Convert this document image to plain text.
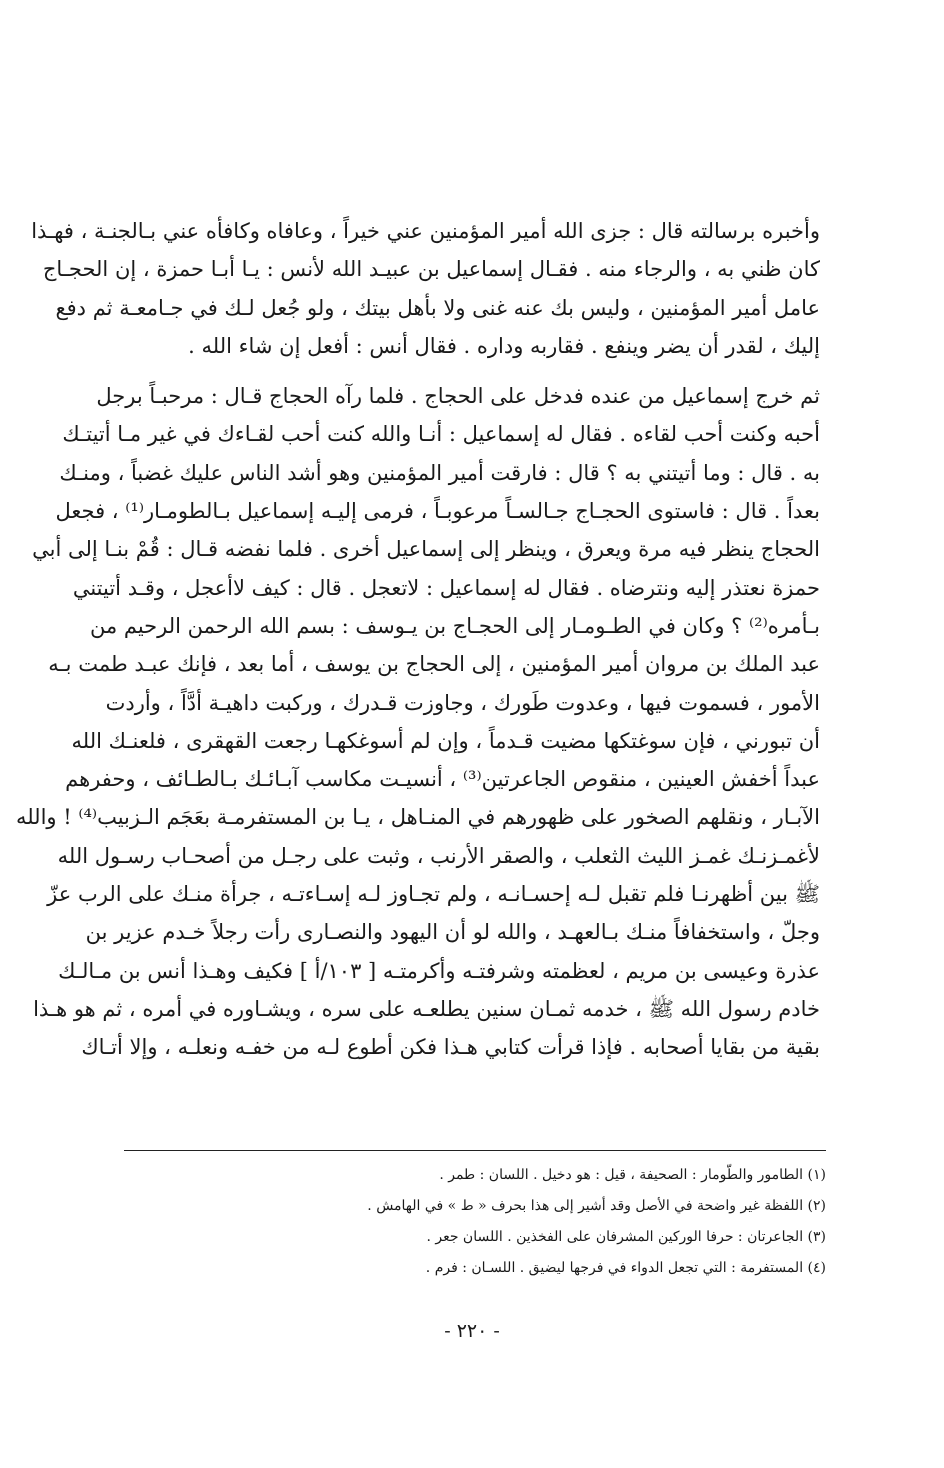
وأخبره برسالته قال : جزى الله أمير المؤمنين عني خيراً ، وعافاه وكافأه عني بـالجنـة ، فهـذا
كان ظني به ، والرجاء منه . فقـال إسماعيل بن عبيـد الله لأنس : يـا أبـا حمزة ، إن الحجـاج
عامل أمير المؤمنين ، وليس بك عنه غنى ولا بأهل بيتك ، ولو جُعل لـك في جـامعـة ثم دفع
إليك ، لقدر أن يضر وينفع . فقاربه وداره . فقال أنس : أفعل إن شاء الله .
ثم خرج إسماعيل من عنده فدخل على الحجاج . فلما رآه الحجاج قـال : مرحبـاً برجل
أحبه وكنت أحب لقاءه . فقال له إسماعيل : أنـا والله كنت أحب لقـاءك في غير مـا أتيتـك
به . قال : وما أتيتني به ؟ قال : فارقت أمير المؤمنين وهو أشد الناس عليك غضباً ، ومنـك
بعداً . قال : فاستوى الحجـاج جـالسـاً مرعوبـاً ، فرمى إليـه إسماعيل بـالطومـار⁽¹⁾ ، فجعل
الحجاج ينظر فيه مرة ويعرق ، وينظر إلى إسماعيل أخرى . فلما نفضه قـال : قُمْ بنـا إلى أبي
حمزة نعتذر إليه ونترضاه . فقال له إسماعيل : لاتعجل . قال : كيف لاأعجل ، وقـد أتيتني
بـأمره⁽²⁾ ؟ وكان في الطـومـار إلى الحجـاج بن يـوسف : بسم الله الرحمن الرحيم من
عبد الملك بن مروان أمير المؤمنين ، إلى الحجاج بن يوسف ، أما بعد ، فإنك عبـد طمت بـه
الأمور ، فسموت فيها ، وعدوت طَورك ، وجاوزت قـدرك ، وركبت داهيـة أدَّاً ، وأردت
أن تبورني ، فإن سوغتكها مضيت قـدماً ، وإن لم أسوغكهـا رجعت القهقرى ، فلعنـك الله
عبداً أخفش العينين ، منقوص الجاعرتين⁽³⁾ ، أنسيـت مكاسب آبـائـك بـالطـائف ، وحفرهم
الآبـار ، ونقلهم الصخور على ظهورهم في المنـاهل ، يـا بن المستفرمـة بعَجَم الـزبيب⁽⁴⁾ ! والله
لأغمـزنـك غمـز الليث الثعلب ، والصقر الأرنب ، وثبت على رجـل من أصحـاب رسـول الله
ﷺ بين أظهرنـا فلم تقبل لـه إحسـانـه ، ولم تجـاوز لـه إسـاءتـه ، جرأة منـك على الرب عزّ
وجلّ ، واستخفافاً منـك بـالعهـد ، والله لو أن اليهود والنصـارى رأت رجلاً خـدم عزير بن
عذرة وعيسى بن مريم ، لعظمته وشرفتـه وأكرمتـه [ ١٠٣/أ ] فكيف وهـذا أنس بن مـالـك
خادم رسول الله ﷺ ، خدمه ثمـان سنين يطلعـه على سره ، ويشـاوره في أمره ، ثم هو هـذا
بقية من بقايا أصحابه . فإذا قرأت كتابي هـذا فكن أطوع لـه من خفـه ونعلـه ، وإلا أتـاك
(١) الطامور والطّومار : الصحيفة ، قيل : هو دخيل . اللسان : طمر .
(٢) اللفظة غير واضحة في الأصل وقد أشير إلى هذا بحرف « ط » في الهامش .
(٣) الجاعرتان : حرفا الوركين المشرفان على الفخذين . اللسان جعر .
(٤) المستفرمة : التي تجعل الدواء في فرجها ليضيق . اللسـان : فرم .
- ٢٢٠ -
